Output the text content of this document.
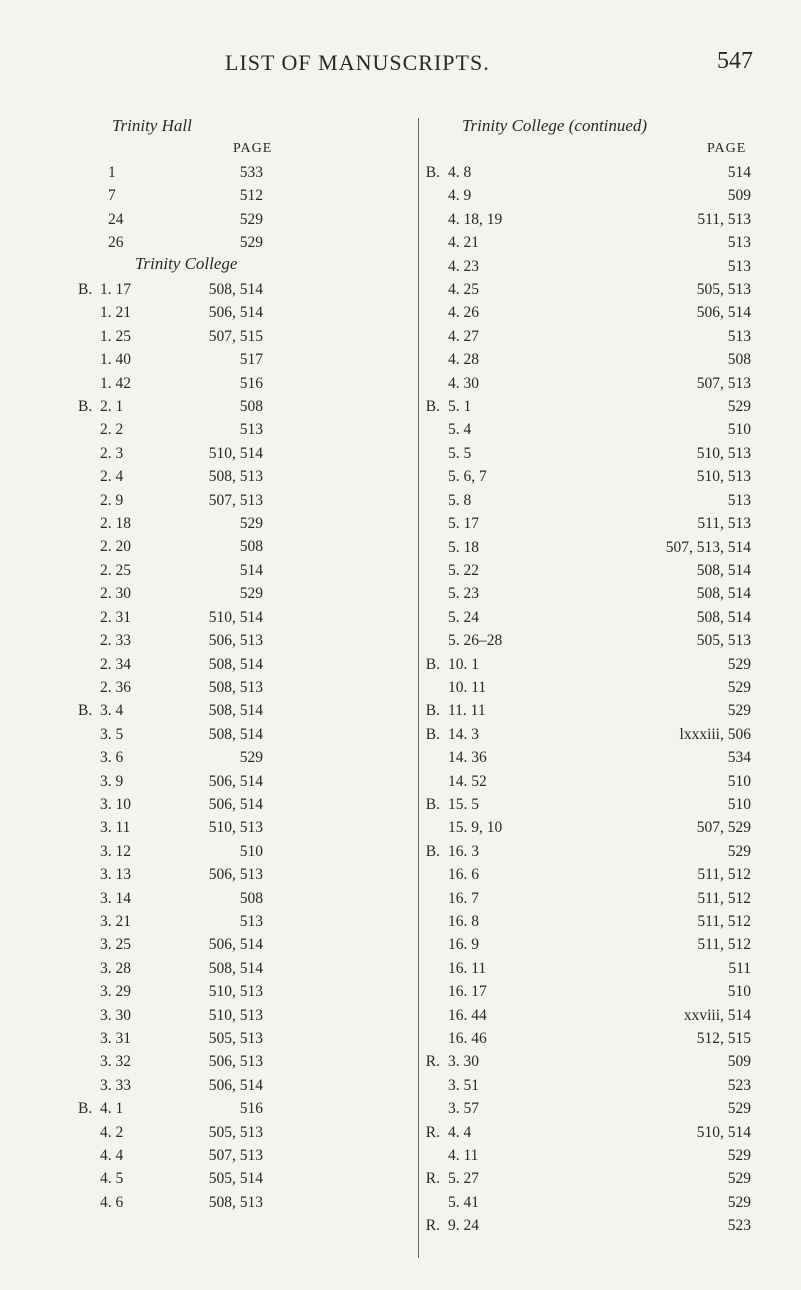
LIST OF MANUSCRIPTS.	547
Trinity Hall
PAGE
1	533
7	512
24	529
26	529
Trinity College
B. 1. 17	508, 514
1. 21	506, 514
1. 25	507, 515
1. 40	517
1. 42	516
B. 2. 1	508
2. 2	513
2. 3	510, 514
2. 4	508, 513
2. 9	507, 513
2. 18	529
2. 20	508
2. 25	514
2. 30	529
2. 31	510, 514
2. 33	506, 513
2. 34	508, 514
2. 36	508, 513
B. 3. 4	508, 514
3. 5	508, 514
3. 6	529
3. 9	506, 514
3. 10	506, 514
3. 11	510, 513
3. 12	510
3. 13	506, 513
3. 14	508
3. 21	513
3. 25	506, 514
3. 28	508, 514
3. 29	510, 513
3. 30	510, 513
3. 31	505, 513
3. 32	506, 513
3. 33	506, 514
B. 4. 1	516
4. 2	505, 513
4. 4	507, 513
4. 5	505, 514
4. 6	508, 513
Trinity College (continued)
PAGE
B. 4. 8	514
4. 9	509
4. 18, 19	511, 513
4. 21	513
4. 23	513
4. 25	505, 513
4. 26	506, 514
4. 27	513
4. 28	508
4. 30	507, 513
B. 5. 1	529
5. 4	510
5. 5	510, 513
5. 6, 7	510, 513
5. 8	513
5. 17	511, 513
5. 18	507, 513, 514
5. 22	508, 514
5. 23	508, 514
5. 24	508, 514
5. 26–28	505, 513
B. 10. 1	529
10. 11	529
B. 11. 11	529
B. 14. 3	lxxxiii, 506
14. 36	534
14. 52	510
B. 15. 5	510
15. 9, 10	507, 529
B. 16. 3	529
16. 6	511, 512
16. 7	511, 512
16. 8	511, 512
16. 9	511, 512
16. 11	511
16. 17	510
16. 44	xxviii, 514
16. 46	512, 515
R. 3. 30	509
3. 51	523
3. 57	529
R. 4. 4	510, 514
4. 11	529
R. 5. 27	529
5. 41	529
R. 9. 24	523
